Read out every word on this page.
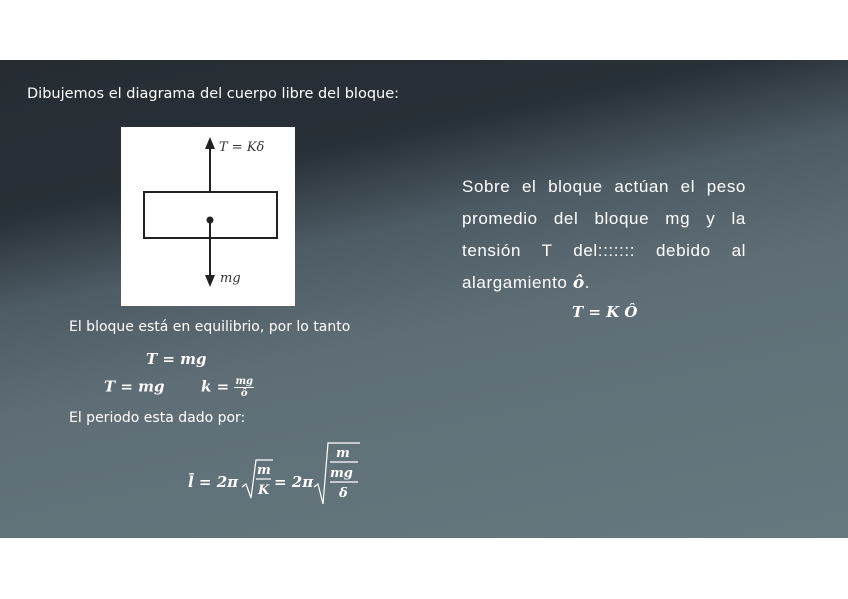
Dibujemos el diagrama del cuerpo libre del bloque:
T = Kδ
mg
Sobre el bloque actúan el peso promedio del bloque mg y la tensión T del::::::: debido al alargamiento ô.
T = K Ô
El bloque está en equilibrio, por lo tanto
T = mg
T = mg $k = \frac{mg}{ô}$
El periodo esta dado por:
l̄ = 2π
m
K = 2π
m
mg
δ
